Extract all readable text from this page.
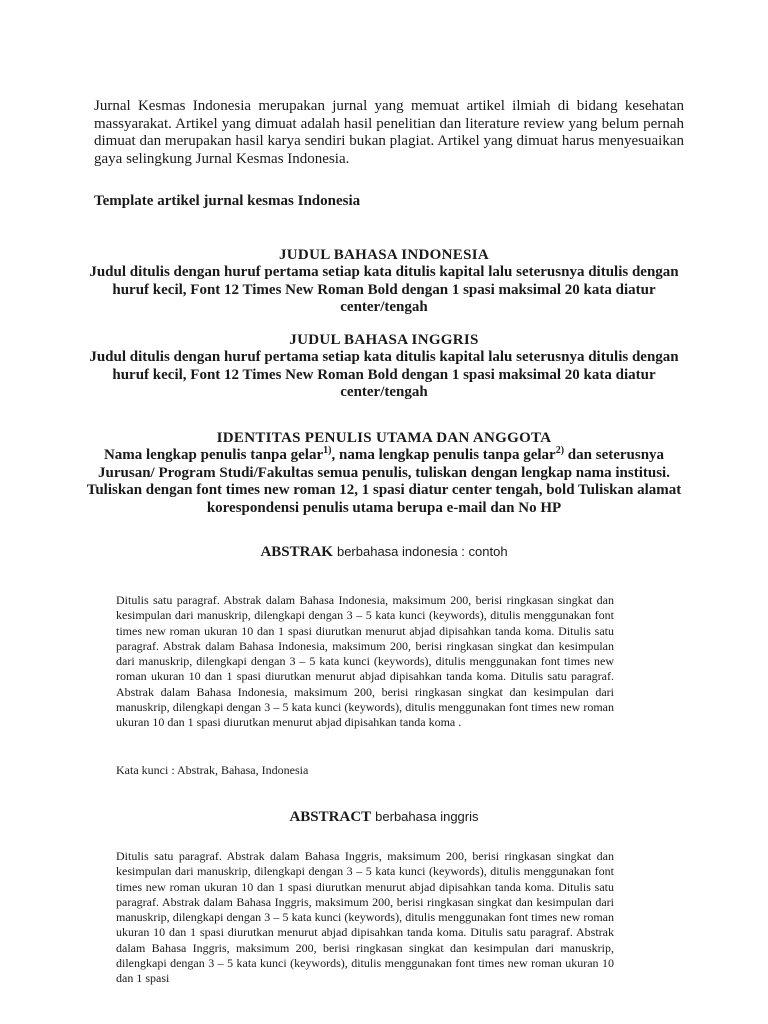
Jurnal Kesmas Indonesia merupakan jurnal yang memuat artikel ilmiah di bidang kesehatan massyarakat. Artikel yang dimuat adalah hasil penelitian dan literature review yang belum pernah dimuat dan merupakan hasil karya sendiri bukan plagiat. Artikel yang dimuat harus menyesuaikan gaya selingkung Jurnal Kesmas Indonesia.

Template artikel jurnal kesmas Indonesia

JUDUL BAHASA INDONESIA
Judul ditulis dengan huruf pertama setiap kata ditulis kapital lalu seterusnya ditulis dengan huruf kecil, Font 12 Times New Roman Bold dengan 1 spasi maksimal 20 kata diatur center/tengah
JUDUL BAHASA INGGRIS
Judul ditulis dengan huruf pertama setiap kata ditulis kapital lalu seterusnya ditulis dengan huruf kecil, Font 12 Times New Roman Bold dengan 1 spasi maksimal 20 kata diatur center/tengah
IDENTITAS PENULIS UTAMA DAN ANGGOTA
Nama lengkap penulis tanpa gelar$^{1)}$, nama lengkap penulis tanpa gelar$^{2)}$ dan seterusnya Jurusan/ Program Studi/Fakultas semua penulis, tuliskan dengan lengkap nama institusi. Tuliskan dengan font times new roman 12, 1 spasi diatur center tengah, bold Tuliskan alamat korespondensi penulis utama berupa e-mail dan No HP

ABSTRAK berbahasa indonesia : contoh

Ditulis satu paragraf. Abstrak dalam Bahasa Indonesia, maksimum 200, berisi ringkasan singkat dan kesimpulan dari manuskrip, dilengkapi dengan 3 – 5 kata kunci (keywords), ditulis menggunakan font times new roman ukuran 10 dan 1 spasi diurutkan menurut abjad dipisahkan tanda koma. Ditulis satu paragraf. Abstrak dalam Bahasa Indonesia, maksimum 200, berisi ringkasan singkat dan kesimpulan dari manuskrip, dilengkapi dengan 3 – 5 kata kunci (keywords), ditulis menggunakan font times new roman ukuran 10 dan 1 spasi diurutkan menurut abjad dipisahkan tanda koma. Ditulis satu paragraf. Abstrak dalam Bahasa Indonesia, maksimum 200, berisi ringkasan singkat dan kesimpulan dari manuskrip, dilengkapi dengan 3 – 5 kata kunci (keywords), ditulis menggunakan font times new roman ukuran 10 dan 1 spasi diurutkan menurut abjad dipisahkan tanda koma .

Kata kunci : Abstrak, Bahasa, Indonesia

ABSTRACT berbahasa inggris

Ditulis satu paragraf. Abstrak dalam Bahasa Inggris, maksimum 200, berisi ringkasan singkat dan kesimpulan dari manuskrip, dilengkapi dengan 3 – 5 kata kunci (keywords), ditulis menggunakan font times new roman ukuran 10 dan 1 spasi diurutkan menurut abjad dipisahkan tanda koma. Ditulis satu paragraf. Abstrak dalam Bahasa Inggris, maksimum 200, berisi ringkasan singkat dan kesimpulan dari manuskrip, dilengkapi dengan 3 – 5 kata kunci (keywords), ditulis menggunakan font times new roman ukuran 10 dan 1 spasi diurutkan menurut abjad dipisahkan tanda koma. Ditulis satu paragraf. Abstrak dalam Bahasa Inggris, maksimum 200, berisi ringkasan singkat dan kesimpulan dari manuskrip, dilengkapi dengan 3 – 5 kata kunci (keywords), ditulis menggunakan font times new roman ukuran 10 dan 1 spasi
